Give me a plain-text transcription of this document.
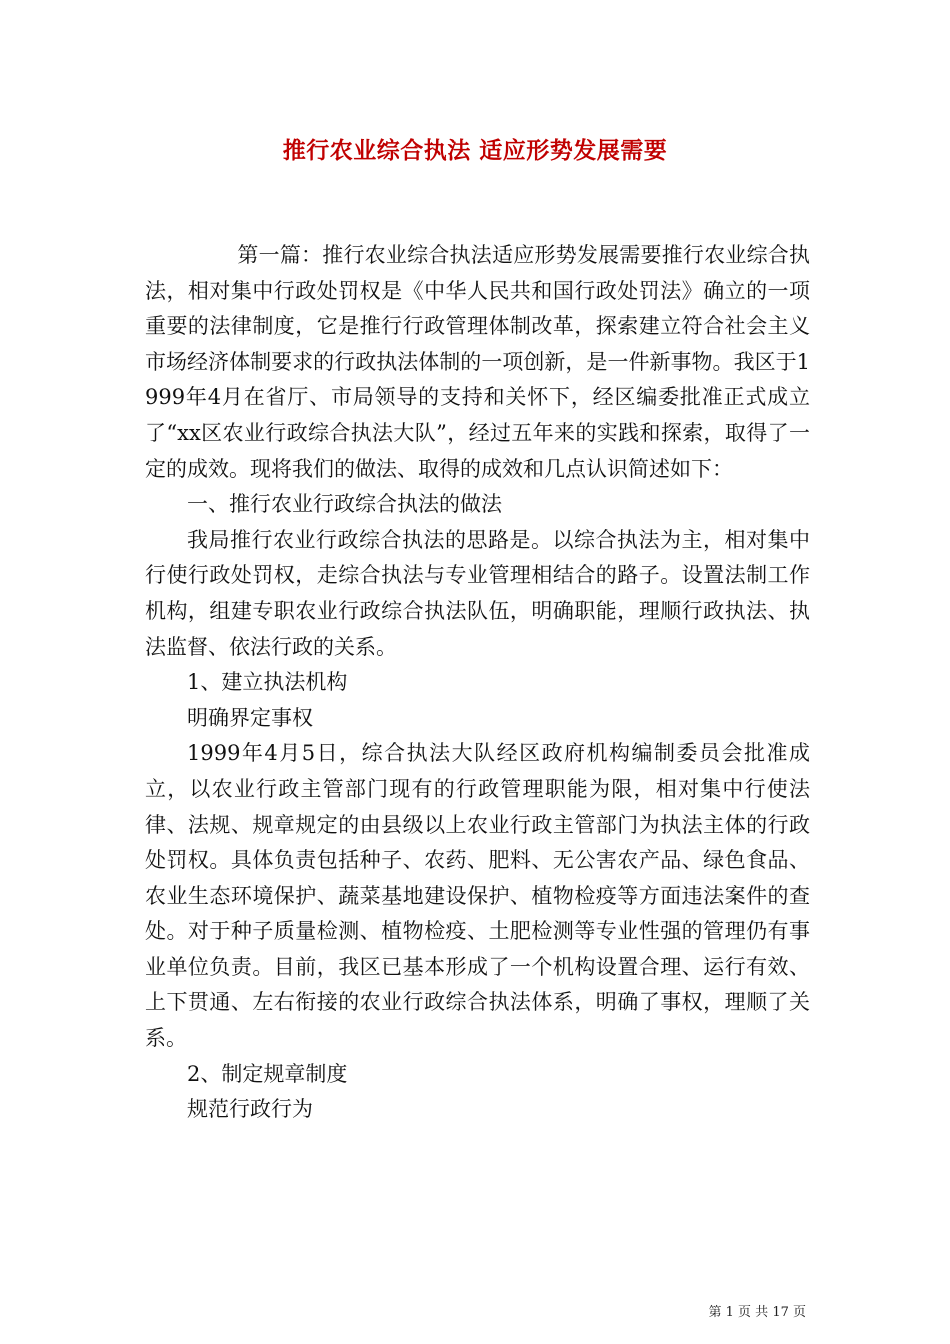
推行农业综合执法 适应形势发展需要

第一篇：推行农业综合执法适应形势发展需要推行农业综合执法，相对集中行政处罚权是《中华人民共和国行政处罚法》确立的一项重要的法律制度，它是推行行政管理体制改革，探索建立符合社会主义市场经济体制要求的行政执法体制的一项创新，是一件新事物。我区于1999年4月在省厅、市局领导的支持和关怀下，经区编委批准正式成立了“xx区农业行政综合执法大队”，经过五年来的实践和探索，取得了一定的成效。现将我们的做法、取得的成效和几点认识简述如下：

一、推行农业行政综合执法的做法

我局推行农业行政综合执法的思路是。以综合执法为主，相对集中行使行政处罚权，走综合执法与专业管理相结合的路子。设置法制工作机构，组建专职农业行政综合执法队伍，明确职能，理顺行政执法、执法监督、依法行政的关系。

1、建立执法机构

明确界定事权

1999年4月5日，综合执法大队经区政府机构编制委员会批准成立，以农业行政主管部门现有的行政管理职能为限，相对集中行使法律、法规、规章规定的由县级以上农业行政主管部门为执法主体的行政处罚权。具体负责包括种子、农药、肥料、无公害农产品、绿色食品、农业生态环境保护、蔬菜基地建设保护、植物检疫等方面违法案件的查处。对于种子质量检测、植物检疫、土肥检测等专业性强的管理仍有事业单位负责。目前，我区已基本形成了一个机构设置合理、运行有效、上下贯通、左右衔接的农业行政综合执法体系，明确了事权，理顺了关系。

2、制定规章制度

规范行政行为

第 1 页 共 17 页
